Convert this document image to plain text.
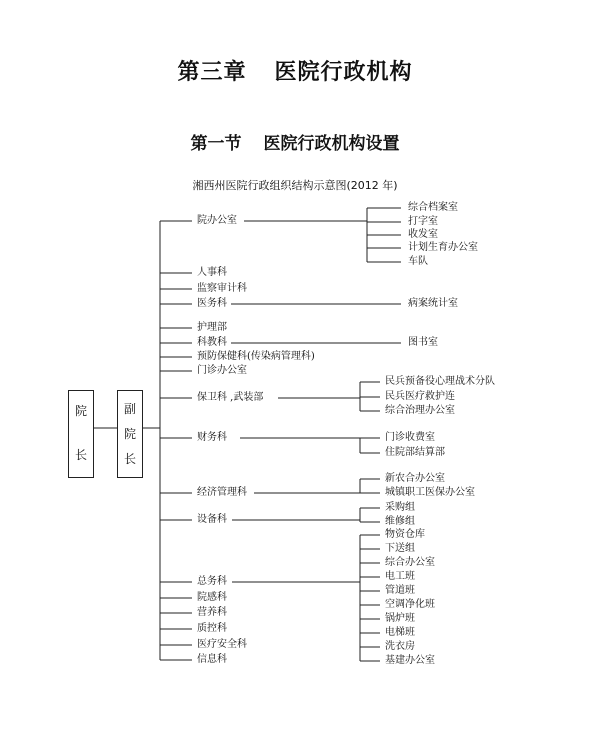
第三章 医院行政机构
第一节 医院行政机构设置
湘西州医院行政组织结构示意图(2012 年)
院
长
副
院
长
院办公室
人事科
监察审计科
医务科
护理部
科教科
预防保健科(传染病管理科)
门诊办公室
保卫科 ,武装部
财务科
经济管理科
设备科
总务科
院感科
营养科
质控科
医疗安全科
信息科
综合档案室
打字室
收发室
计划生育办公室
车队
病案统计室
图书室
民兵预备役心理战术分队
民兵医疗救护连
综合治理办公室
门诊收费室
住院部结算部
新农合办公室
城镇职工医保办公室
采购组
维修组
物资仓库
下送组
综合办公室
电工班
管道班
空调净化班
锅炉班
电梯班
洗衣房
基建办公室
